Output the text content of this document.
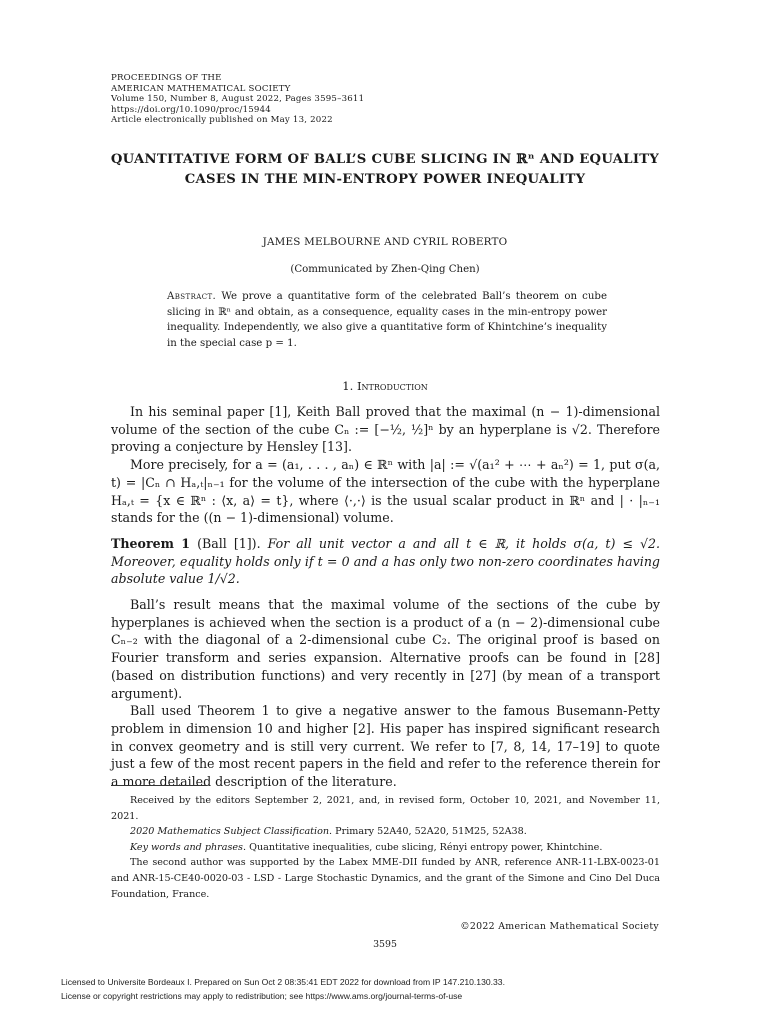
PROCEEDINGS OF THE
AMERICAN MATHEMATICAL SOCIETY
Volume 150, Number 8, August 2022, Pages 3595–3611
https://doi.org/10.1090/proc/15944
Article electronically published on May 13, 2022
QUANTITATIVE FORM OF BALL’S CUBE SLICING IN ℝⁿ AND EQUALITY CASES IN THE MIN-ENTROPY POWER INEQUALITY
JAMES MELBOURNE AND CYRIL ROBERTO
(Communicated by Zhen-Qing Chen)
Abstract. We prove a quantitative form of the celebrated Ball’s theorem on cube slicing in ℝⁿ and obtain, as a consequence, equality cases in the min-entropy power inequality. Independently, we also give a quantitative form of Khintchine’s inequality in the special case p = 1.
1. Introduction

In his seminal paper [1], Keith Ball proved that the maximal (n − 1)-dimensional volume of the section of the cube Cₙ := [−½, ½]ⁿ by an hyperplane is √2. Therefore proving a conjecture by Hensley [13].

More precisely, for a = (a₁, . . . , aₙ) ∈ ℝⁿ with |a| := √(a₁² + ⋯ + aₙ²) = 1, put σ(a, t) = |Cₙ ∩ Hₐ,ₜ|ₙ₋₁ for the volume of the intersection of the cube with the hyperplane Hₐ,ₜ = {x ∈ ℝⁿ : ⟨x, a⟩ = t}, where ⟨·,·⟩ is the usual scalar product in ℝⁿ and | · |ₙ₋₁ stands for the ((n − 1)-dimensional) volume.

Theorem 1 (Ball [1]). For all unit vector a and all t ∈ ℝ, it holds σ(a, t) ≤ √2. Moreover, equality holds only if t = 0 and a has only two non-zero coordinates having absolute value 1/√2.

Ball’s result means that the maximal volume of the sections of the cube by hyperplanes is achieved when the section is a product of a (n − 2)-dimensional cube Cₙ₋₂ with the diagonal of a 2-dimensional cube C₂. The original proof is based on Fourier transform and series expansion. Alternative proofs can be found in [28] (based on distribution functions) and very recently in [27] (by mean of a transport argument).

Ball used Theorem 1 to give a negative answer to the famous Busemann-Petty problem in dimension 10 and higher [2]. His paper has inspired significant research in convex geometry and is still very current. We refer to [7, 8, 14, 17–19] to quote just a few of the most recent papers in the field and refer to the reference therein for a more detailed description of the literature.

Received by the editors September 2, 2021, and, in revised form, October 10, 2021, and November 11, 2021.

2020 Mathematics Subject Classification. Primary 52A40, 52A20, 51M25, 52A38.

Key words and phrases. Quantitative inequalities, cube slicing, Rényi entropy power, Khintchine.

The second author was supported by the Labex MME-DII funded by ANR, reference ANR-11-LBX-0023-01 and ANR-15-CE40-0020-03 - LSD - Large Stochastic Dynamics, and the grant of the Simone and Cino Del Duca Foundation, France.

©2022 American Mathematical Society
3595
Licensed to Universite Bordeaux I. Prepared on Sun Oct 2 08:35:41 EDT 2022 for download from IP 147.210.130.33.
License or copyright restrictions may apply to redistribution; see https://www.ams.org/journal-terms-of-use
